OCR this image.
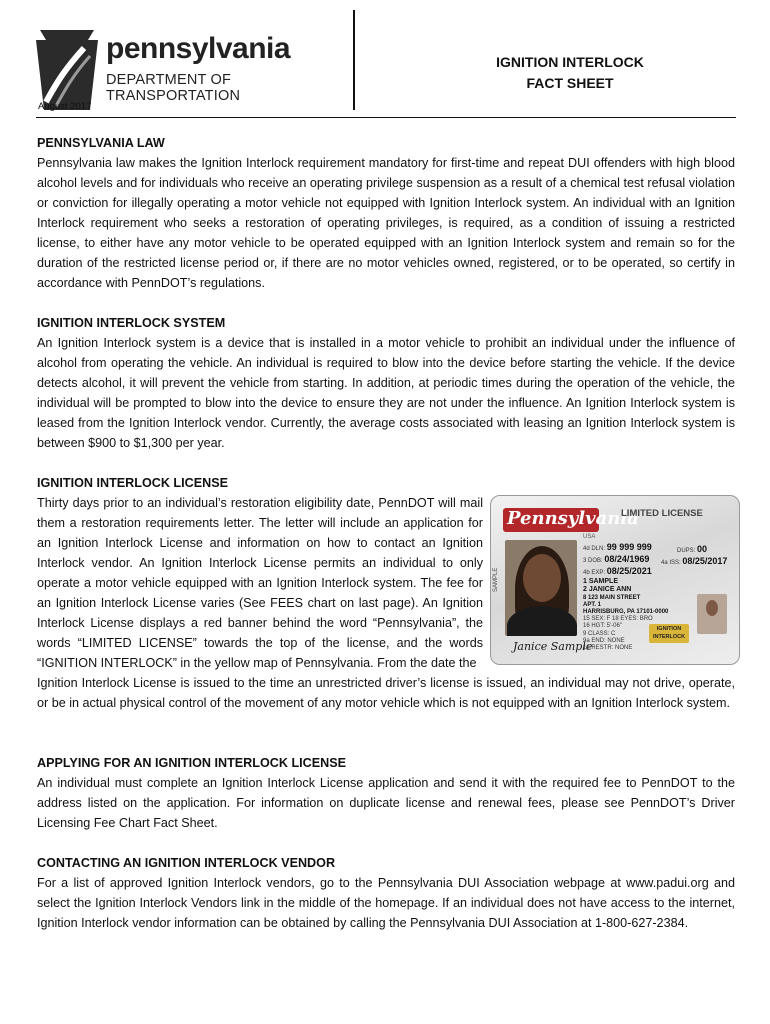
pennsylvania
DEPARTMENT OF TRANSPORTATION
IGNITION INTERLOCK
FACT SHEET
August 2017
PENNSYLVANIA LAW

Pennsylvania law makes the Ignition Interlock requirement mandatory for first-time and repeat DUI offenders with high blood alcohol levels and for individuals who receive an operating privilege suspension as a result of a chemical test refusal violation or conviction for illegally operating a motor vehicle not equipped with Ignition Interlock system. An individual with an Ignition Interlock requirement who seeks a restoration of operating privileges, is required, as a condition of issuing a restricted license, to either have any motor vehicle to be operated equipped with an Ignition Interlock system and remain so for the duration of the restricted license period or, if there are no motor vehicles owned, registered, or to be operated, so certify in accordance with PennDOT’s regulations.

IGNITION INTERLOCK SYSTEM

An Ignition Interlock system is a device that is installed in a motor vehicle to prohibit an individual under the influence of alcohol from operating the vehicle. An individual is required to blow into the device before starting the vehicle. If the device detects alcohol, it will prevent the vehicle from starting. In addition, at periodic times during the operation of the vehicle, the individual will be prompted to blow into the device to ensure they are not under the influence. An Ignition Interlock system is leased from the Ignition Interlock vendor. Currently, the average costs associated with leasing an Ignition Interlock system is between $900 to $1,300 per year.

IGNITION INTERLOCK LICENSE

Thirty days prior to an individual’s restoration eligibility date, PennDOT will mail them a restoration requirements letter. The letter will include an application for an Ignition Interlock License and information on how to contact an Ignition Interlock vendor. An Ignition Interlock License permits an individual to only operate a motor vehicle equipped with an Ignition Interlock system. The fee for an Ignition Interlock License varies (See FEES chart on last page). An Ignition Interlock License displays a red banner behind the word “Pennsylvania”, the words “LIMITED LICENSE” towards the top of the license, and the words “IGNITION INTERLOCK” in the yellow map of Pennsylvania. From the date the

Ignition Interlock License is issued to the time an unrestricted driver’s license is issued, an individual may not drive, operate, or be in actual physical control of the movement of any motor vehicle which is not equipped with an Ignition Interlock system.

Pennsylvania
LIMITED LICENSE
USA
SAMPLE
4d DLN: 99 999 999	DUPS: 00
3 DOB: 08/24/1969
4b EXP: 08/25/2021
4a ISS: 08/25/2017
1 SAMPLE
2 JANICE ANN
8 123 MAIN STREET
APT. 1
HARRISBURG, PA 17101-0000
15 SEX: F 18 EYES: BRO
16 HGT: 5'-06"
9 CLASS: C
9a END: NONE
12 RESTR: NONE
IGNITION
INTERLOCK
Janice Sample
APPLYING FOR AN IGNITION INTERLOCK LICENSE

An individual must complete an Ignition Interlock License application and send it with the required fee to PennDOT to the address listed on the application. For information on duplicate license and renewal fees, please see PennDOT’s Driver Licensing Fee Chart Fact Sheet.

CONTACTING AN IGNITION INTERLOCK VENDOR

For a list of approved Ignition Interlock vendors, go to the Pennsylvania DUI Association webpage at www.padui.org and select the Ignition Interlock Vendors link in the middle of the homepage. If an individual does not have access to the internet, Ignition Interlock vendor information can be obtained by calling the Pennsylvania DUI Association at 1-800-627-2384.
